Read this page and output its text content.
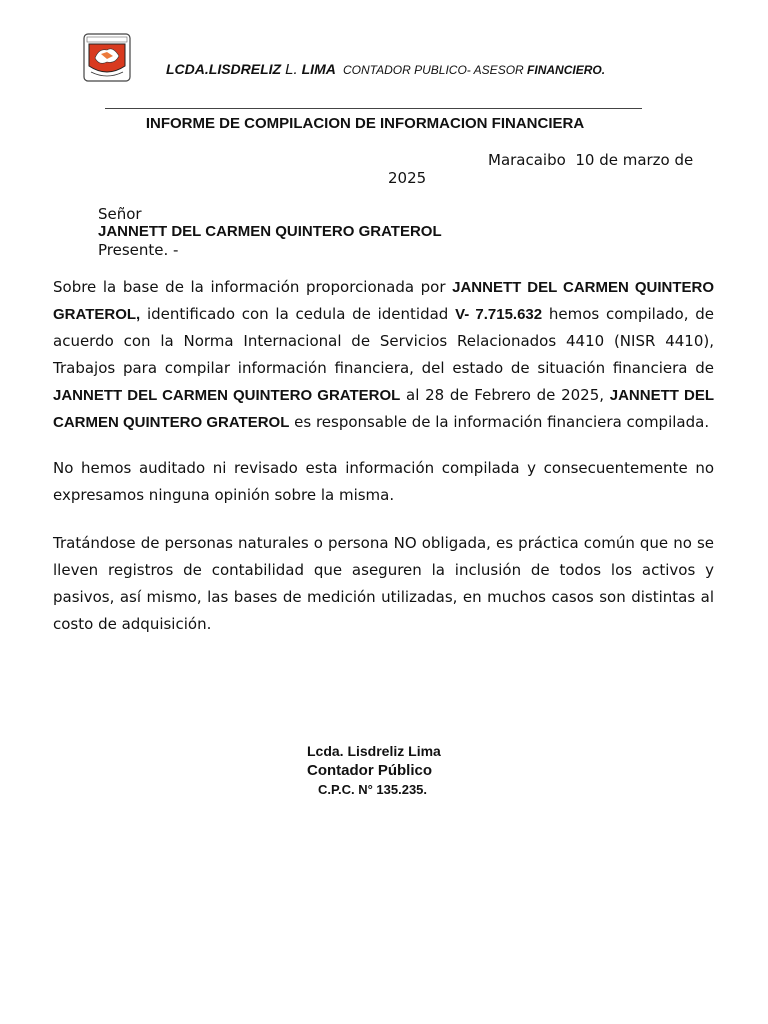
LCDA.LISDRELIZ L. LIMA CONTADOR PUBLICO- ASESOR FINANCIERO.
INFORME DE COMPILACION DE INFORMACION FINANCIERA
Maracaibo  10 de marzo de
2025
Señor
JANNETT DEL CARMEN QUINTERO GRATEROL
Presente. -
Sobre la base de la información proporcionada por JANNETT DEL CARMEN QUINTERO GRATEROL, identificado con la cedula de identidad V- 7.715.632 hemos compilado, de acuerdo con la Norma Internacional de Servicios Relacionados 4410 (NISR 4410), Trabajos para compilar información financiera, del estado de situación financiera de JANNETT DEL CARMEN QUINTERO GRATEROL al 28 de Febrero de 2025, JANNETT DEL CARMEN QUINTERO GRATEROL es responsable de la información financiera compilada.
No hemos auditado ni revisado esta información compilada y consecuentemente no expresamos ninguna opinión sobre la misma.
Tratándose de personas naturales o persona NO obligada, es práctica común que no se lleven registros de contabilidad que aseguren la inclusión de todos los activos y pasivos, así mismo, las bases de medición utilizadas, en muchos casos son distintas al costo de adquisición.
Lcda. Lisdreliz Lima
Contador Público
C.P.C. N° 135.235.
